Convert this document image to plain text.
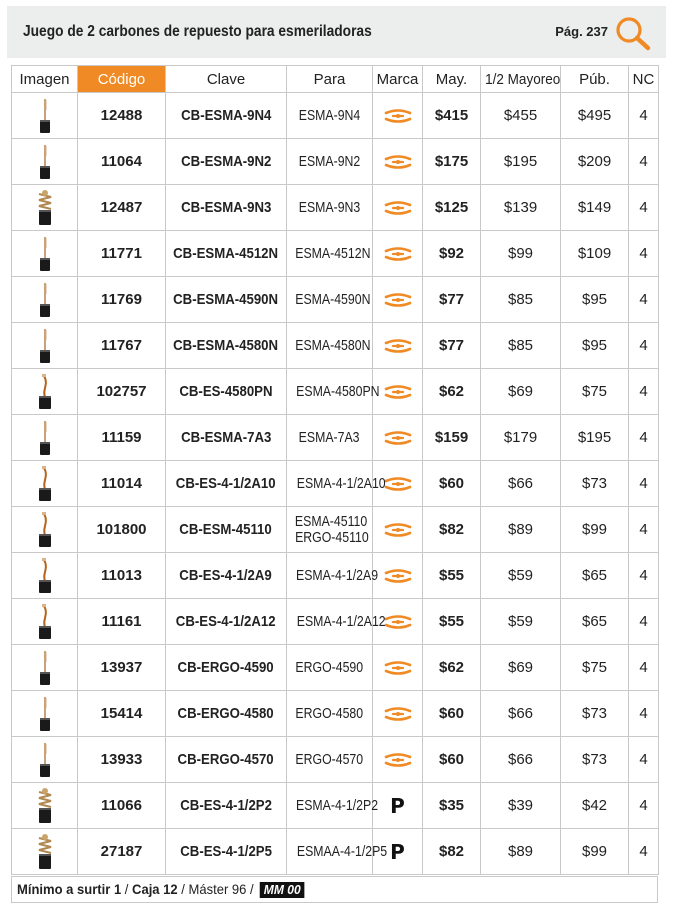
Juego de 2 carbones de repuesto para esmeriladoras	Pág. 237
Imagen	Código	Clave	Para	Marca	May.	1/2 Mayoreo	Púb.	NC

	12488	CB-ESMA-9N4	ESMA-9N4		$415	$455	$495	4

	11064	CB-ESMA-9N2	ESMA-9N2		$175	$195	$209	4

	12487	CB-ESMA-9N3	ESMA-9N3		$125	$139	$149	4

	11771	CB-ESMA-4512N	ESMA-4512N		$92	$99	$109	4

	11769	CB-ESMA-4590N	ESMA-4590N		$77	$85	$95	4

	11767	CB-ESMA-4580N	ESMA-4580N		$77	$85	$95	4

	102757	CB-ES-4580PN	ESMA-4580PN		$62	$69	$75	4

	11159	CB-ESMA-7A3	ESMA-7A3		$159	$179	$195	4

	11014	CB-ES-4-1/2A10	ESMA-4-1/2A10		$60	$66	$73	4

	101800	CB-ESM-45110	ESMA-45110
ERGO-45110		$82	$89	$99	4

	11013	CB-ES-4-1/2A9	ESMA-4-1/2A9		$55	$59	$65	4

	11161	CB-ES-4-1/2A12	ESMA-4-1/2A12		$55	$59	$65	4

	13937	CB-ERGO-4590	ERGO-4590		$62	$69	$75	4

	15414	CB-ERGO-4580	ERGO-4580		$60	$66	$73	4

	13933	CB-ERGO-4570	ERGO-4570		$60	$66	$73	4

	11066	CB-ES-4-1/2P2	ESMA-4-1/2P2	P	$35	$39	$42	4

	27187	CB-ES-4-1/2P5	ESMAA-4-1/2P5	P	$82	$89	$99	4
Mínimo a surtir 1 / Caja 12 / Máster 96 / MM 00
